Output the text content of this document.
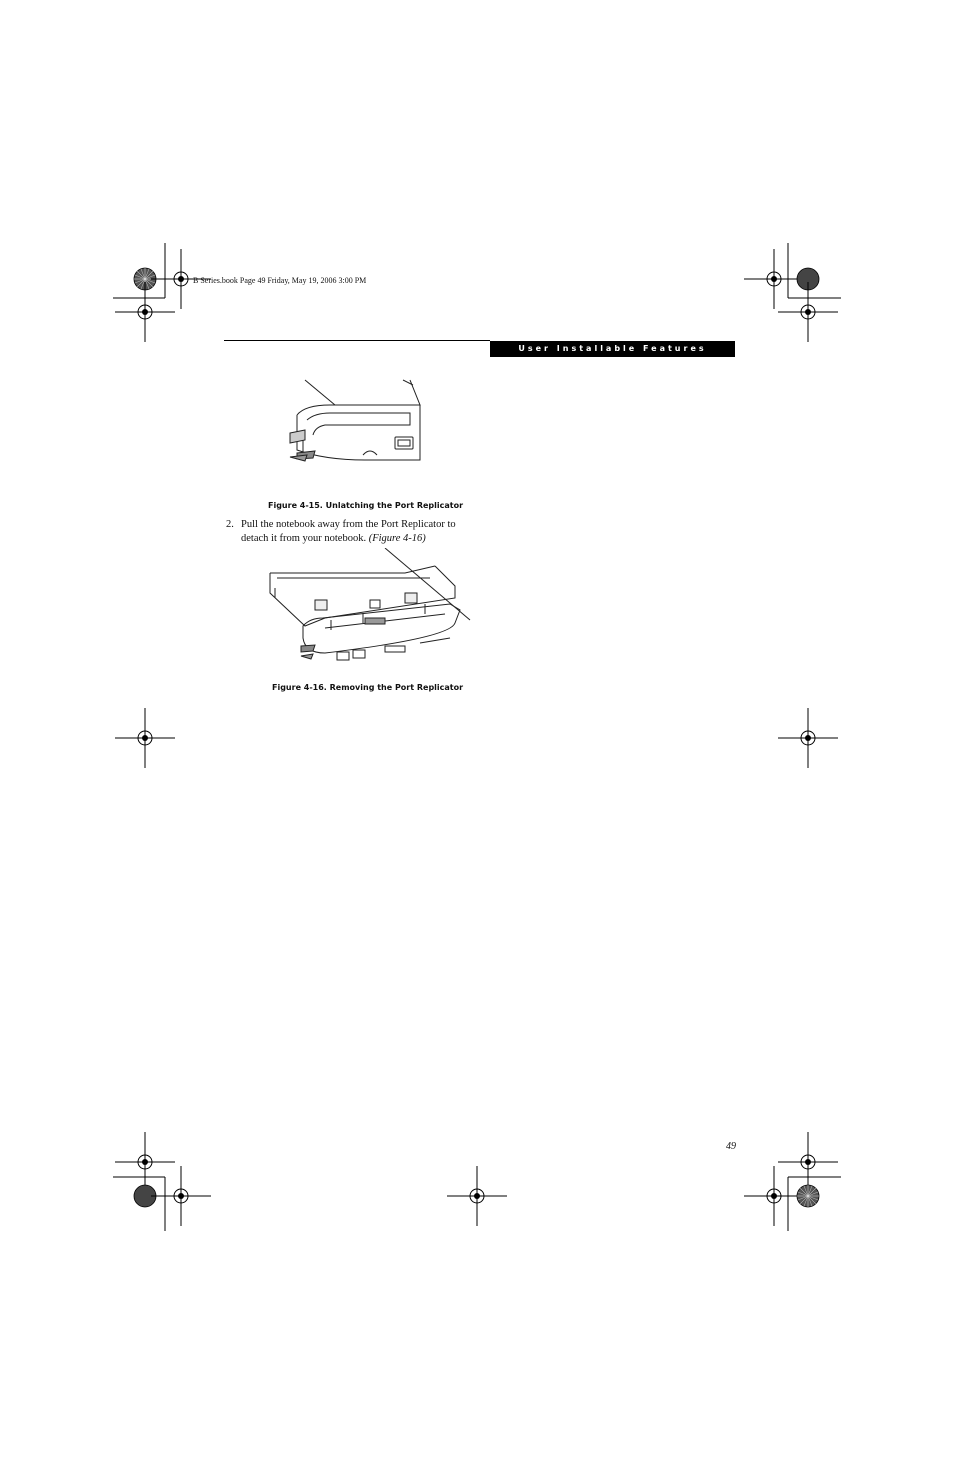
B Series.book Page 49 Friday, May 19, 2006 3:00 PM
User Installable Features
Figure 4-15. Unlatching the Port Replicator
2. Pull the notebook away from the Port Replicator to detach it from your notebook. (Figure 4-16)
Figure 4-16. Removing the Port Replicator
49
